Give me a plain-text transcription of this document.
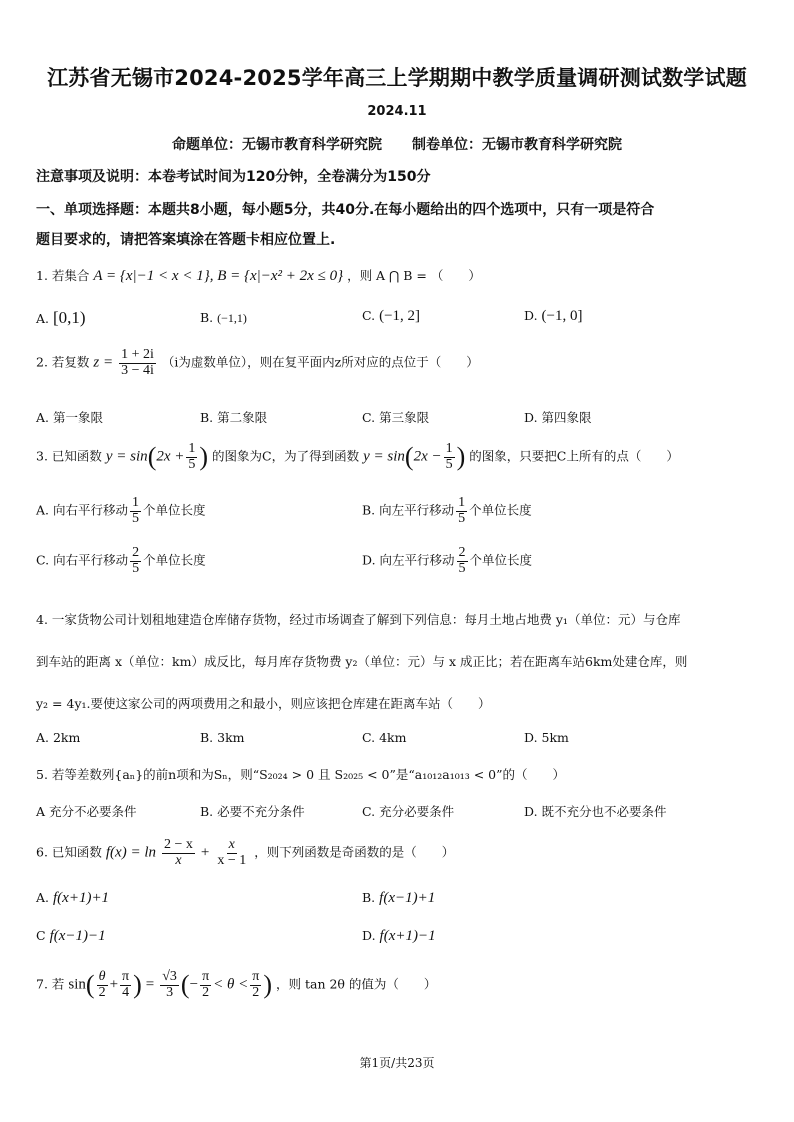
江苏省无锡市2024-2025学年高三上学期期中教学质量调研测试数学试题
2024.11
命题单位：无锡市教育科学研究院 制卷单位：无锡市教育科学研究院
注意事项及说明：本卷考试时间为120分钟，全卷满分为150分
一、单项选择题：本题共8小题，每小题5分，共40分.在每小题给出的四个选项中，只有一项是符合
题目要求的，请把答案填涂在答题卡相应位置上.
1. 若集合 A = {x|−1 < x < 1}, B = {x|−x² + 2x ≤ 0} ，则 A ⋂ B = （　　）
A. [0,1)	B. (−1,1)	C. (−1, 2]	D. (−1, 0]
2. 若复数 $z = \frac{1 + 2i}{3 - 4i} (i$为虚数单位），则在复平面内z所对应的点位于（　　）
A. 第一象限	B. 第二象限	C. 第三象限	D. 第四象限
3. 已知函数 $y = \sin(2x + \frac{1}{5}$ ) 的图象为C，为了得到函数 $y = \sin(2x - \frac{1}{5}$ ) 的图象，只要把C上所有的点（　　）
A. 向右平行移动 $\frac{1}{5}$ 个单位长度	B. 向左平行移动 $\frac{1}{5}$ 个单位长度
C. 向右平行移动 $\frac{2}{5}$ 个单位长度	D. 向左平行移动 $\frac{2}{5}$ 个单位长度
4. 一家货物公司计划租地建造仓库储存货物，经过市场调查了解到下列信息：每月土地占地费 y₁（单位：元）与仓库
到车站的距离 x（单位：km）成反比，每月库存货物费 y₂（单位：元）与 x 成正比；若在距离车站6km处建仓库，则
y₂ = 4y₁.要使这家公司的两项费用之和最小，则应该把仓库建在距离车站（　　）
A. 2km	B. 3km	C. 4km	D. 5km
5. 若等差数列{aₙ}的前n项和为Sₙ，则“S₂₀₂₄ > 0 且 S₂₀₂₅ < 0”是“a₁₀₁₂a₁₀₁₃ < 0”的（　　）
A 充分不必要条件	B. 必要不充分条件	C. 充分必要条件	D. 既不充分也不必要条件
6. 已知函数 $f(x) = \ln \frac{2 - x}{x} + \frac{x}{x - 1}$ ，则下列函数是奇函数的是（　　）
A. f(x+1)+1	B. f(x−1)+1
C f(x−1)−1	D. f(x+1)−1
7. 若 $\sin( \frac{\theta}{2} + \frac{\pi}{4}$ ) = $\frac{√3}{3}$ (− $\frac{\pi}{2} < \theta < \frac{\pi}{2}$ ) ，则 tan 2θ 的值为（　　）
第1页/共23页
